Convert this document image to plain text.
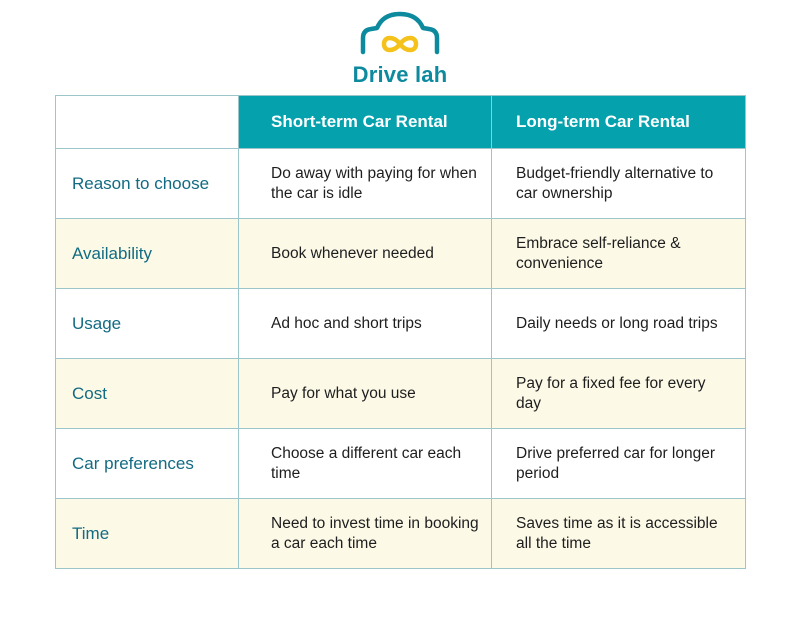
Drive lah
	Short-term Car Rental	Long-term Car Rental
Reason to choose	Do away with paying for when the car is idle	Budget-friendly alternative to car ownership
Availability	Book whenever needed	Embrace self-reliance & convenience
Usage	Ad hoc and short trips	Daily needs or long road trips
Cost	Pay for what you use	Pay for a fixed fee for every day
Car preferences	Choose a different car each time	Drive preferred car for longer period
Time	Need to invest time in booking a car each time	Saves time as it is accessible all the time
